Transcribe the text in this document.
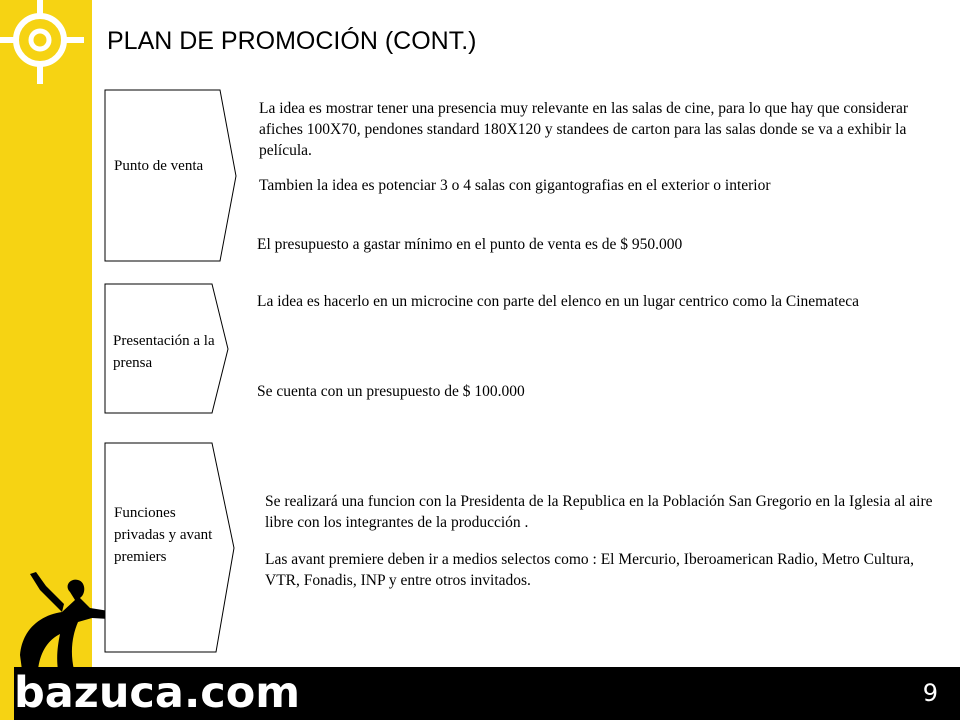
bazuca.com	9
PLAN DE PROMOCIÓN (CONT.)
Punto de venta
La idea es mostrar tener una presencia muy relevante en las salas de cine, para lo que hay que considerar afiches 100X70, pendones standard 180X120 y standees de carton para las salas donde se va a exhibir la película.
Tambien la idea es potenciar 3 o 4 salas con gigantografias en el exterior o interior
El presupuesto a gastar mínimo en el punto de venta es de $ 950.000
Presentación a la prensa
La idea es hacerlo en un microcine con parte del elenco en un lugar centrico como la Cinemateca
Se cuenta con un presupuesto de $ 100.000
Funciones privadas y avant premiers
Se realizará una funcion con la Presidenta de la Republica en la Población San Gregorio en la Iglesia al aire libre con los integrantes de la producción .
Las avant premiere deben ir a medios selectos como : El Mercurio, Iberoamerican Radio, Metro Cultura, VTR, Fonadis, INP y entre otros invitados.
